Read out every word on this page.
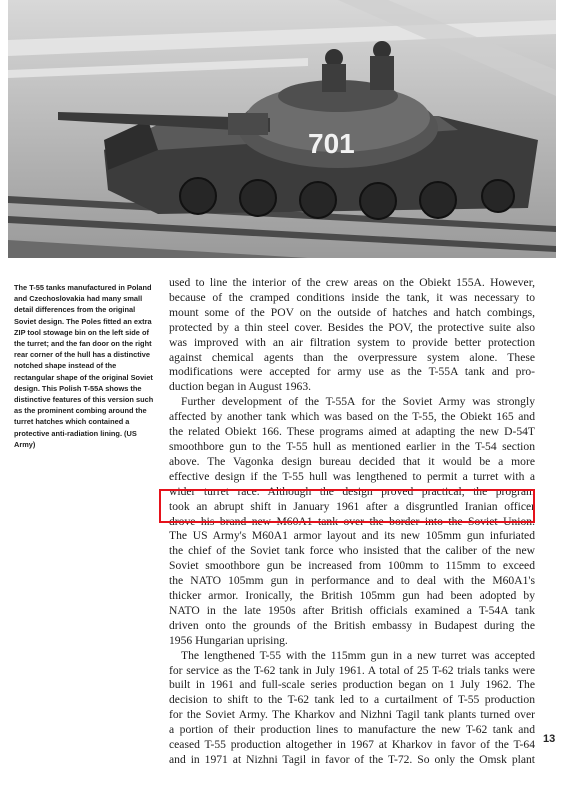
701

The T-55 tanks manufactured in Poland and Czechoslovakia had many small detail differences from the original Soviet design. The Poles fitted an extra ZIP tool stowage bin on the left side of the turret; and the fan door on the right rear corner of the hull has a distinctive notched shape instead of the rectangular shape of the original Soviet design. This Polish T-55A shows the distinctive features of this version such as the prominent combing around the turret hatches which contained a protective anti-radiation lining. (US Army)

used to line the interior of the crew areas on the Obiekt 155A. However,
because of the cramped conditions inside the tank, it was necessary to
mount some of the POV on the outside of hatches and hatch combings,
protected by a thin steel cover. Besides the POV, the protective suite also
was improved with an air filtration system to provide better protection
against chemical agents than the overpressure system alone. These
modifications were accepted for army use as the T-55A tank and pro-
duction began in August 1963.

Further development of the T-55A for the Soviet Army was strongly
affected by another tank which was based on the T-55, the Obiekt 165 and
the related Obiekt 166. These programs aimed at adapting the new D-54T
smoothbore gun to the T-55 hull as mentioned earlier in the T-54 section
above. The Vagonka design bureau decided that it would be a more
effective design if the T-55 hull was lengthened to permit a turret with a
wider turret race. Although the design proved practical, the program
took an abrupt shift in January 1961 after a disgruntled Iranian officer
drove his brand new M60A1 tank over the border into the Soviet Union.
The US Army's M60A1 armor layout and its new 105mm gun infuriated
the chief of the Soviet tank force who insisted that the caliber of the new
Soviet smoothbore gun be increased from 100mm to 115mm to exceed
the NATO 105mm gun in performance and to deal with the M60A1's
thicker armor. Ironically, the British 105mm gun had been adopted by
NATO in the late 1950s after British officials examined a T-54A tank
driven onto the grounds of the British embassy in Budapest during the
1956 Hungarian uprising.

The lengthened T-55 with the 115mm gun in a new turret was accepted
for service as the T-62 tank in July 1961. A total of 25 T-62 trials tanks were
built in 1961 and full-scale series production began on 1 July 1962. The
decision to shift to the T-62 tank led to a curtailment of T-55 production
for the Soviet Army. The Kharkov and Nizhni Tagil tank plants turned over
a portion of their production lines to manufacture the new T-62 tank and
ceased T-55 production altogether in 1967 at Kharkov in favor of the T-64
and in 1971 at Nizhni Tagil in favor of the T-72. So only the Omsk plant

13
